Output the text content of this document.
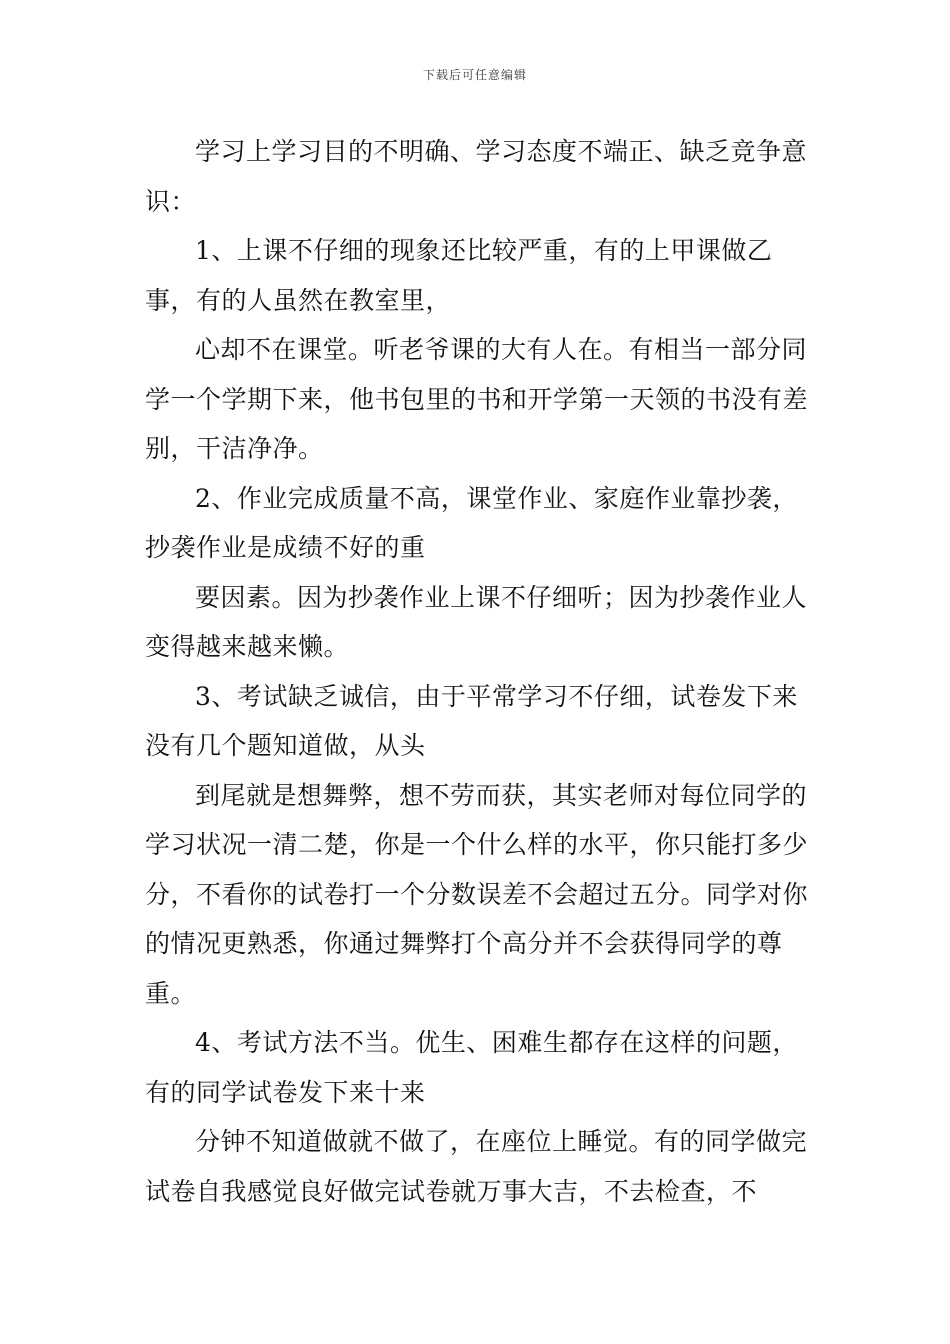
下载后可任意编辑

学习上学习目的不明确、学习态度不端正、缺乏竞争意识：

1、上课不仔细的现象还比较严重，有的上甲课做乙事，有的人虽然在教室里，

心却不在课堂。听老爷课的大有人在。有相当一部分同学一个学期下来，他书包里的书和开学第一天领的书没有差别，干洁净净。

2、作业完成质量不高，课堂作业、家庭作业靠抄袭，抄袭作业是成绩不好的重

要因素。因为抄袭作业上课不仔细听；因为抄袭作业人变得越来越来懒。

3、考试缺乏诚信，由于平常学习不仔细，试卷发下来没有几个题知道做，从头

到尾就是想舞弊，想不劳而获，其实老师对每位同学的学习状况一清二楚，你是一个什么样的水平，你只能打多少分，不看你的试卷打一个分数误差不会超过五分。同学对你的情况更熟悉，你通过舞弊打个高分并不会获得同学的尊重。

4、考试方法不当。优生、困难生都存在这样的问题，有的同学试卷发下来十来

分钟不知道做就不做了，在座位上睡觉。有的同学做完试卷自我感觉良好做完试卷就万事大吉，不去检查，不
